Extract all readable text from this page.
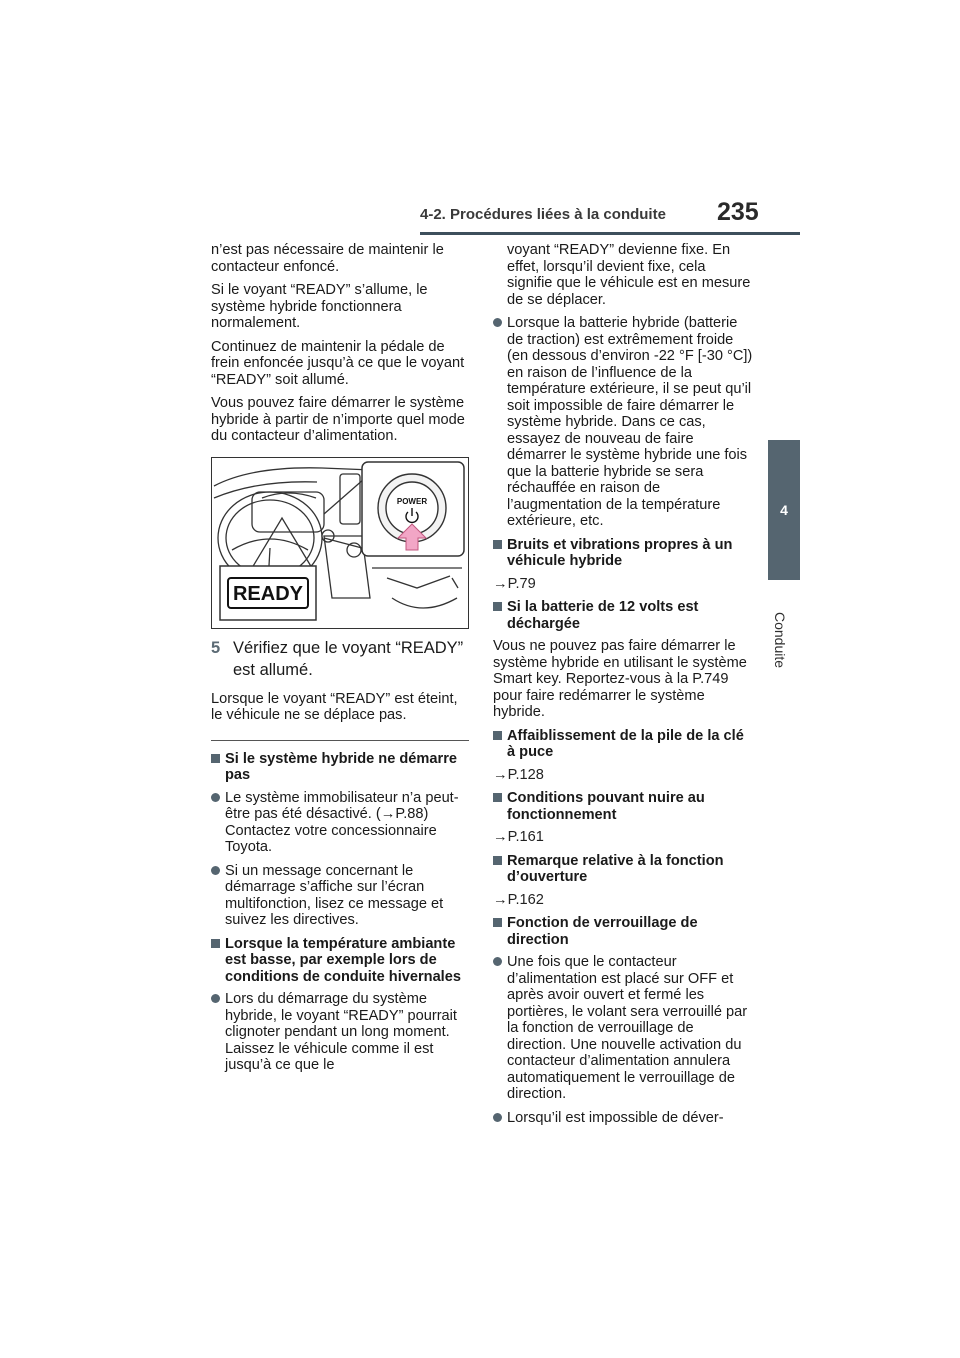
4-2. Procédures liées à la conduite 235
4
Conduite

n’est pas nécessaire de maintenir le contacteur enfoncé.

Si le voyant “READY” s’allume, le système hybride fonctionnera normalement.

Continuez de maintenir la pédale de frein enfoncée jusqu’à ce que le voyant “READY” soit allumé.

Vous pouvez faire démarrer le système hybride à partir de n’importe quel mode du contacteur d’alimentation.

READY
POWER
5 Vérifiez que le voyant “READY” est allumé.

Lorsque le voyant “READY” est éteint, le véhicule ne se déplace pas.

Si le système hybride ne démarre pas
Le système immobilisateur n’a peut-être pas été désactivé. (→P.88) Contactez votre concessionnaire Toyota.
Si un message concernant le démarrage s’affiche sur l’écran multifonction, lisez ce message et suivez les directives.
Lorsque la température ambiante est basse, par exemple lors de conditions de conduite hivernales
Lors du démarrage du système hybride, le voyant “READY” pourrait clignoter pendant un long moment. Laissez le véhicule comme il est jusqu’à ce que le

voyant “READY” devienne fixe. En effet, lorsqu’il devient fixe, cela signifie que le véhicule est en mesure de se déplacer.

Lorsque la batterie hybride (batterie de traction) est extrêmement froide (en dessous d’environ -22 °F [-30 °C]) en raison de l’influence de la température extérieure, il se peut qu’il soit impossible de faire démarrer le système hybride. Dans ce cas, essayez de nouveau de faire démarrer le système hybride une fois que la batterie hybride se sera réchauffée en raison de l’augmentation de la température extérieure, etc.
Bruits et vibrations propres à un véhicule hybride

→P.79

Si la batterie de 12 volts est déchargée

Vous ne pouvez pas faire démarrer le système hybride en utilisant le système Smart key. Reportez-vous à la P.749 pour faire redémarrer le système hybride.

Affaiblissement de la pile de la clé à puce

→P.128

Conditions pouvant nuire au fonctionnement

→P.161

Remarque relative à la fonction d’ouverture

→P.162

Fonction de verrouillage de direction
Une fois que le contacteur d’alimentation est placé sur OFF et après avoir ouvert et fermé les portières, le volant sera verrouillé par la fonction de verrouillage de direction. Une nouvelle activation du contacteur d’alimentation annulera automatiquement le verrouillage de direction.
Lorsqu’il est impossible de déver-
